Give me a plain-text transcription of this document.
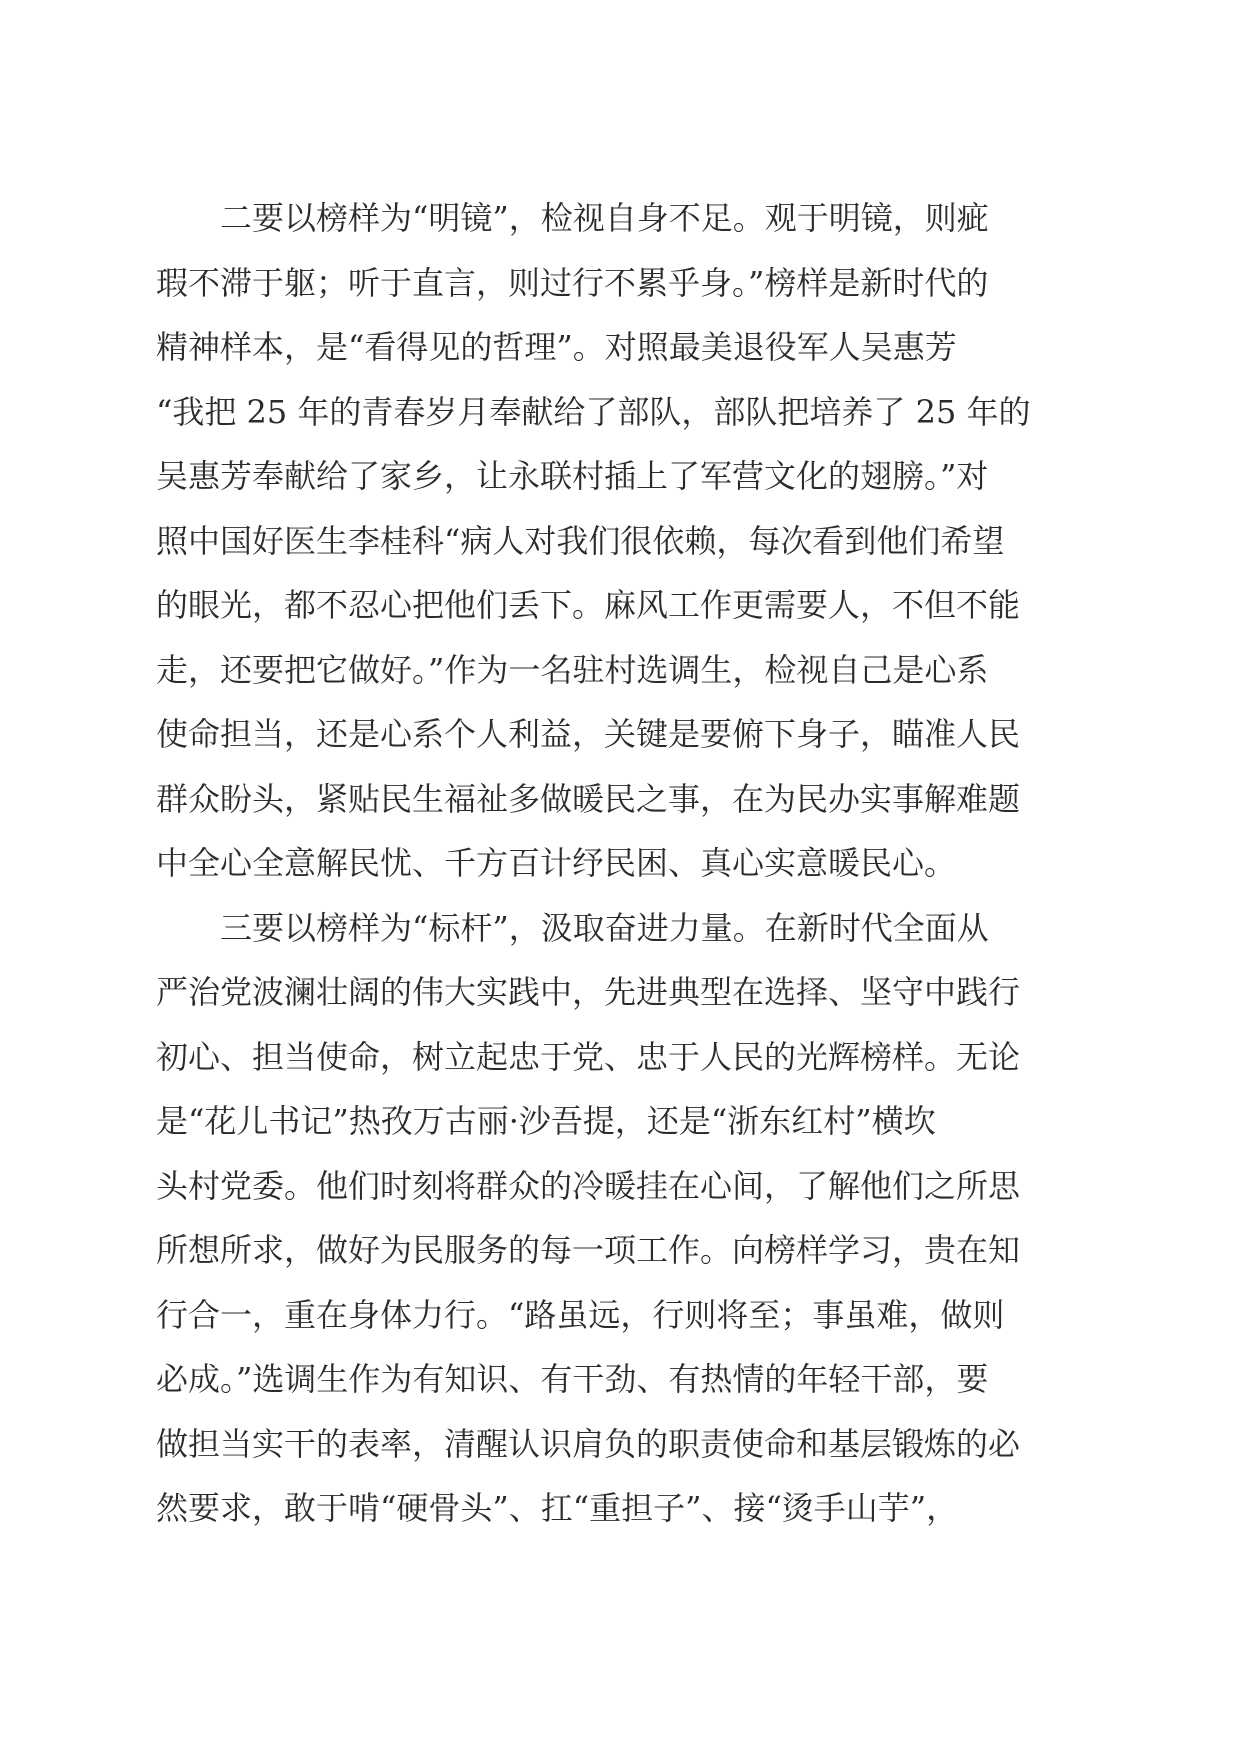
二要以榜样为“明镜”，检视自身不足。观于明镜，则疵

瑕不滞于躯；听于直言，则过行不累乎身。”榜样是新时代的

精神样本，是“看得见的哲理”。对照最美退役军人吴惠芳

“我把 25 年的青春岁月奉献给了部队，部队把培养了 25 年的

吴惠芳奉献给了家乡，让永联村插上了军营文化的翅膀。”对

照中国好医生李桂科“病人对我们很依赖，每次看到他们希望

的眼光，都不忍心把他们丢下。麻风工作更需要人，不但不能

走，还要把它做好。”作为一名驻村选调生，检视自己是心系

使命担当，还是心系个人利益，关键是要俯下身子，瞄准人民

群众盼头，紧贴民生福祉多做暖民之事，在为民办实事解难题

中全心全意解民忧、千方百计纾民困、真心实意暖民心。

三要以榜样为“标杆”，汲取奋进力量。在新时代全面从

严治党波澜壮阔的伟大实践中，先进典型在选择、坚守中践行

初心、担当使命，树立起忠于党、忠于人民的光辉榜样。无论

是“花儿书记”热孜万古丽·沙吾提，还是“浙东红村”横坎

头村党委。他们时刻将群众的冷暖挂在心间，了解他们之所思

所想所求，做好为民服务的每一项工作。向榜样学习，贵在知

行合一，重在身体力行。“路虽远，行则将至；事虽难，做则

必成。”选调生作为有知识、有干劲、有热情的年轻干部，要

做担当实干的表率，清醒认识肩负的职责使命和基层锻炼的必

然要求，敢于啃“硬骨头”、扛“重担子”、接“烫手山芋”，
